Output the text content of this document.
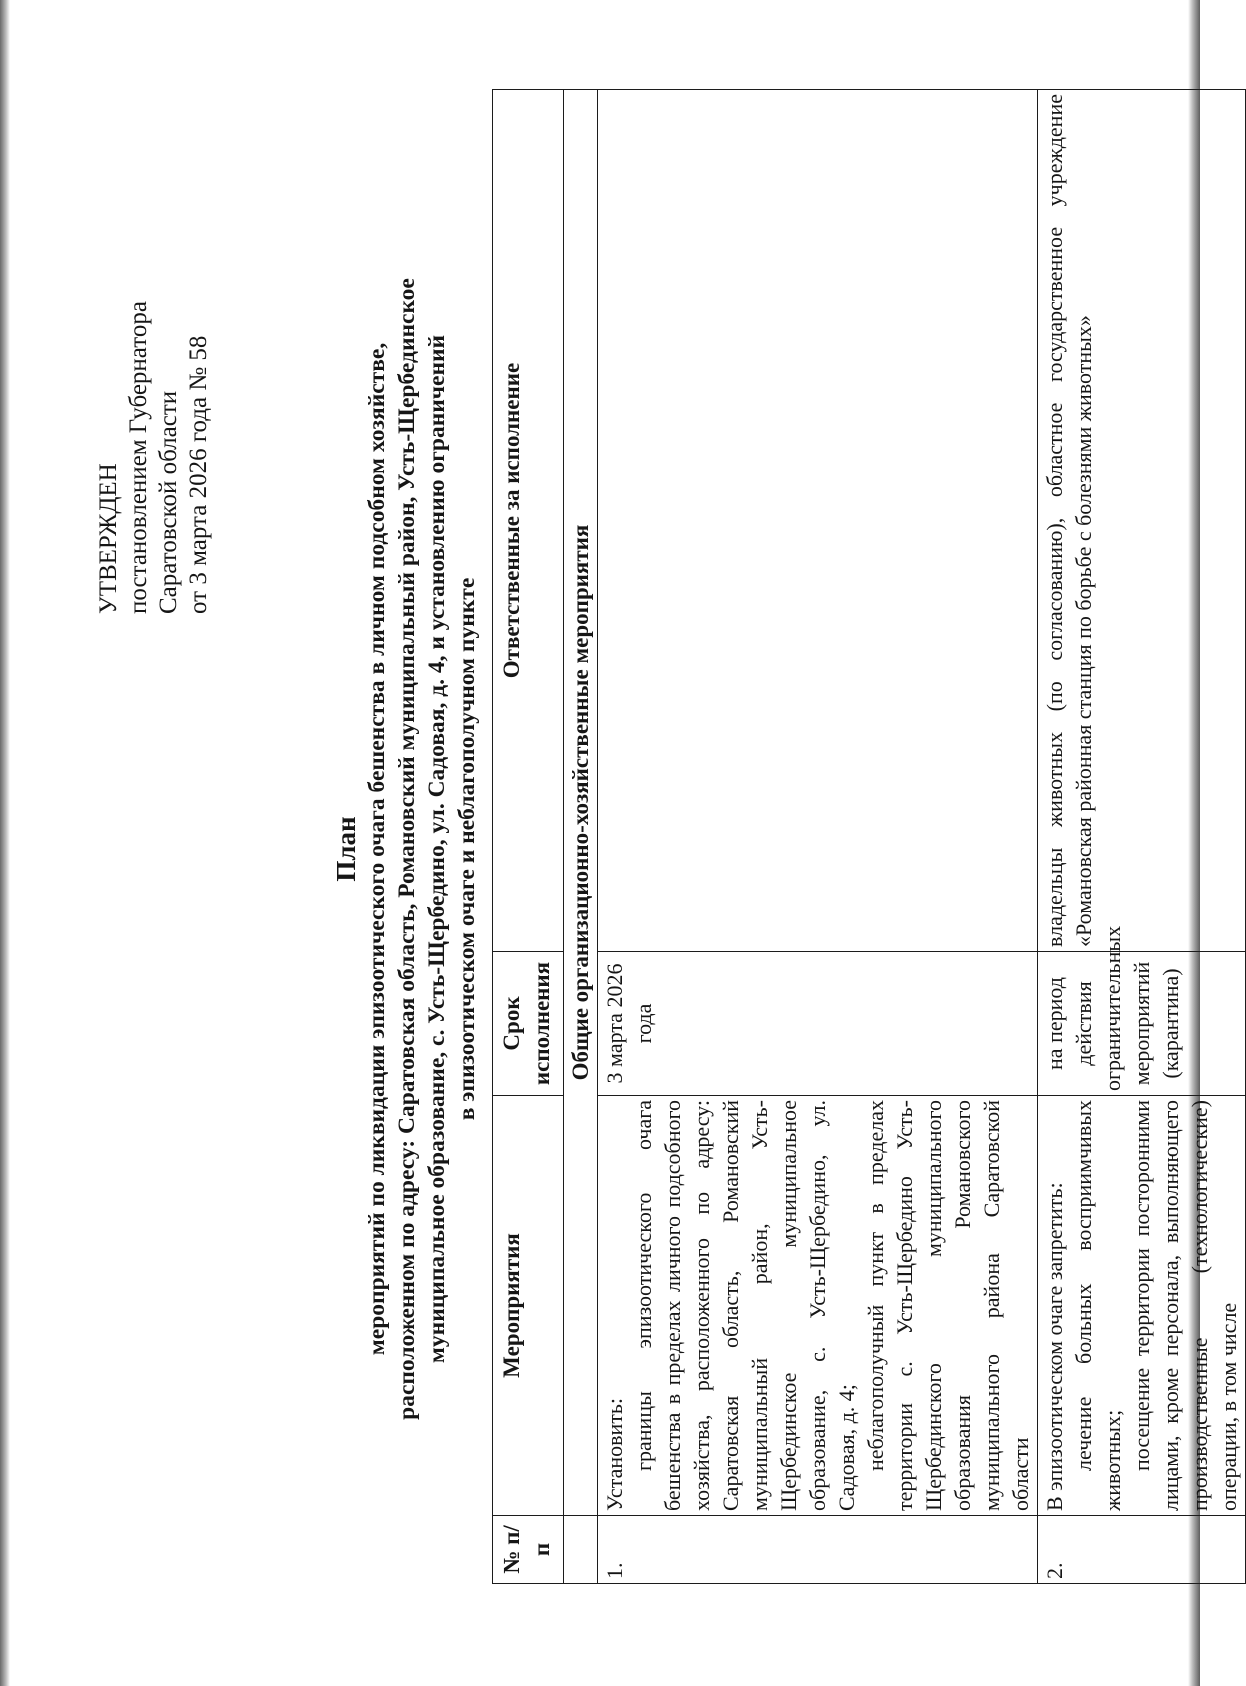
УТВЕРЖДЕН постановлением Губернатора Саратовской области от 3 марта 2026 года № 58
План мероприятий по ликвидации эпизоотического очага бешенства в личном подсобном хозяйстве, расположенном по адресу: Саратовская область, Романовский муниципальный район, Усть-Щербединское муниципальное образование, с. Усть-Щербедино, ул. Садовая, д. 4, и установлению ограничений в эпизоотическом очаге и неблагополучном пункте
№ п/п	Мероприятия	Срок исполнения	Ответственные за исполнение
	Общие организационно-хозяйственные мероприятия		
1.	Установить: границы эпизоотического очага бешенства в пределах личного подсобного хозяйства, расположенного по адресу: Саратовская область, Романовский муниципальный район, Усть-Щербединское муниципальное образование, с. Усть-Щербедино, ул. Садовая, д. 4; неблагополучный пункт в пределах территории с. Усть-Щербедино Усть-Щербединского муниципального образования Романовского муниципального района Саратовской области	3 марта 2026 года	
2.	В эпизоотическом очаге запретить: лечение больных восприимчивых животных; посещение территории посторонними лицами, кроме персонала, выполняющего производственные (технологические) операции, в том числе	на период действия ограничительных мероприятий (карантина)	владельцы животных (по согласованию), областное государственное учреждение «Романовская районная станция по борьбе с болезнями животных»
